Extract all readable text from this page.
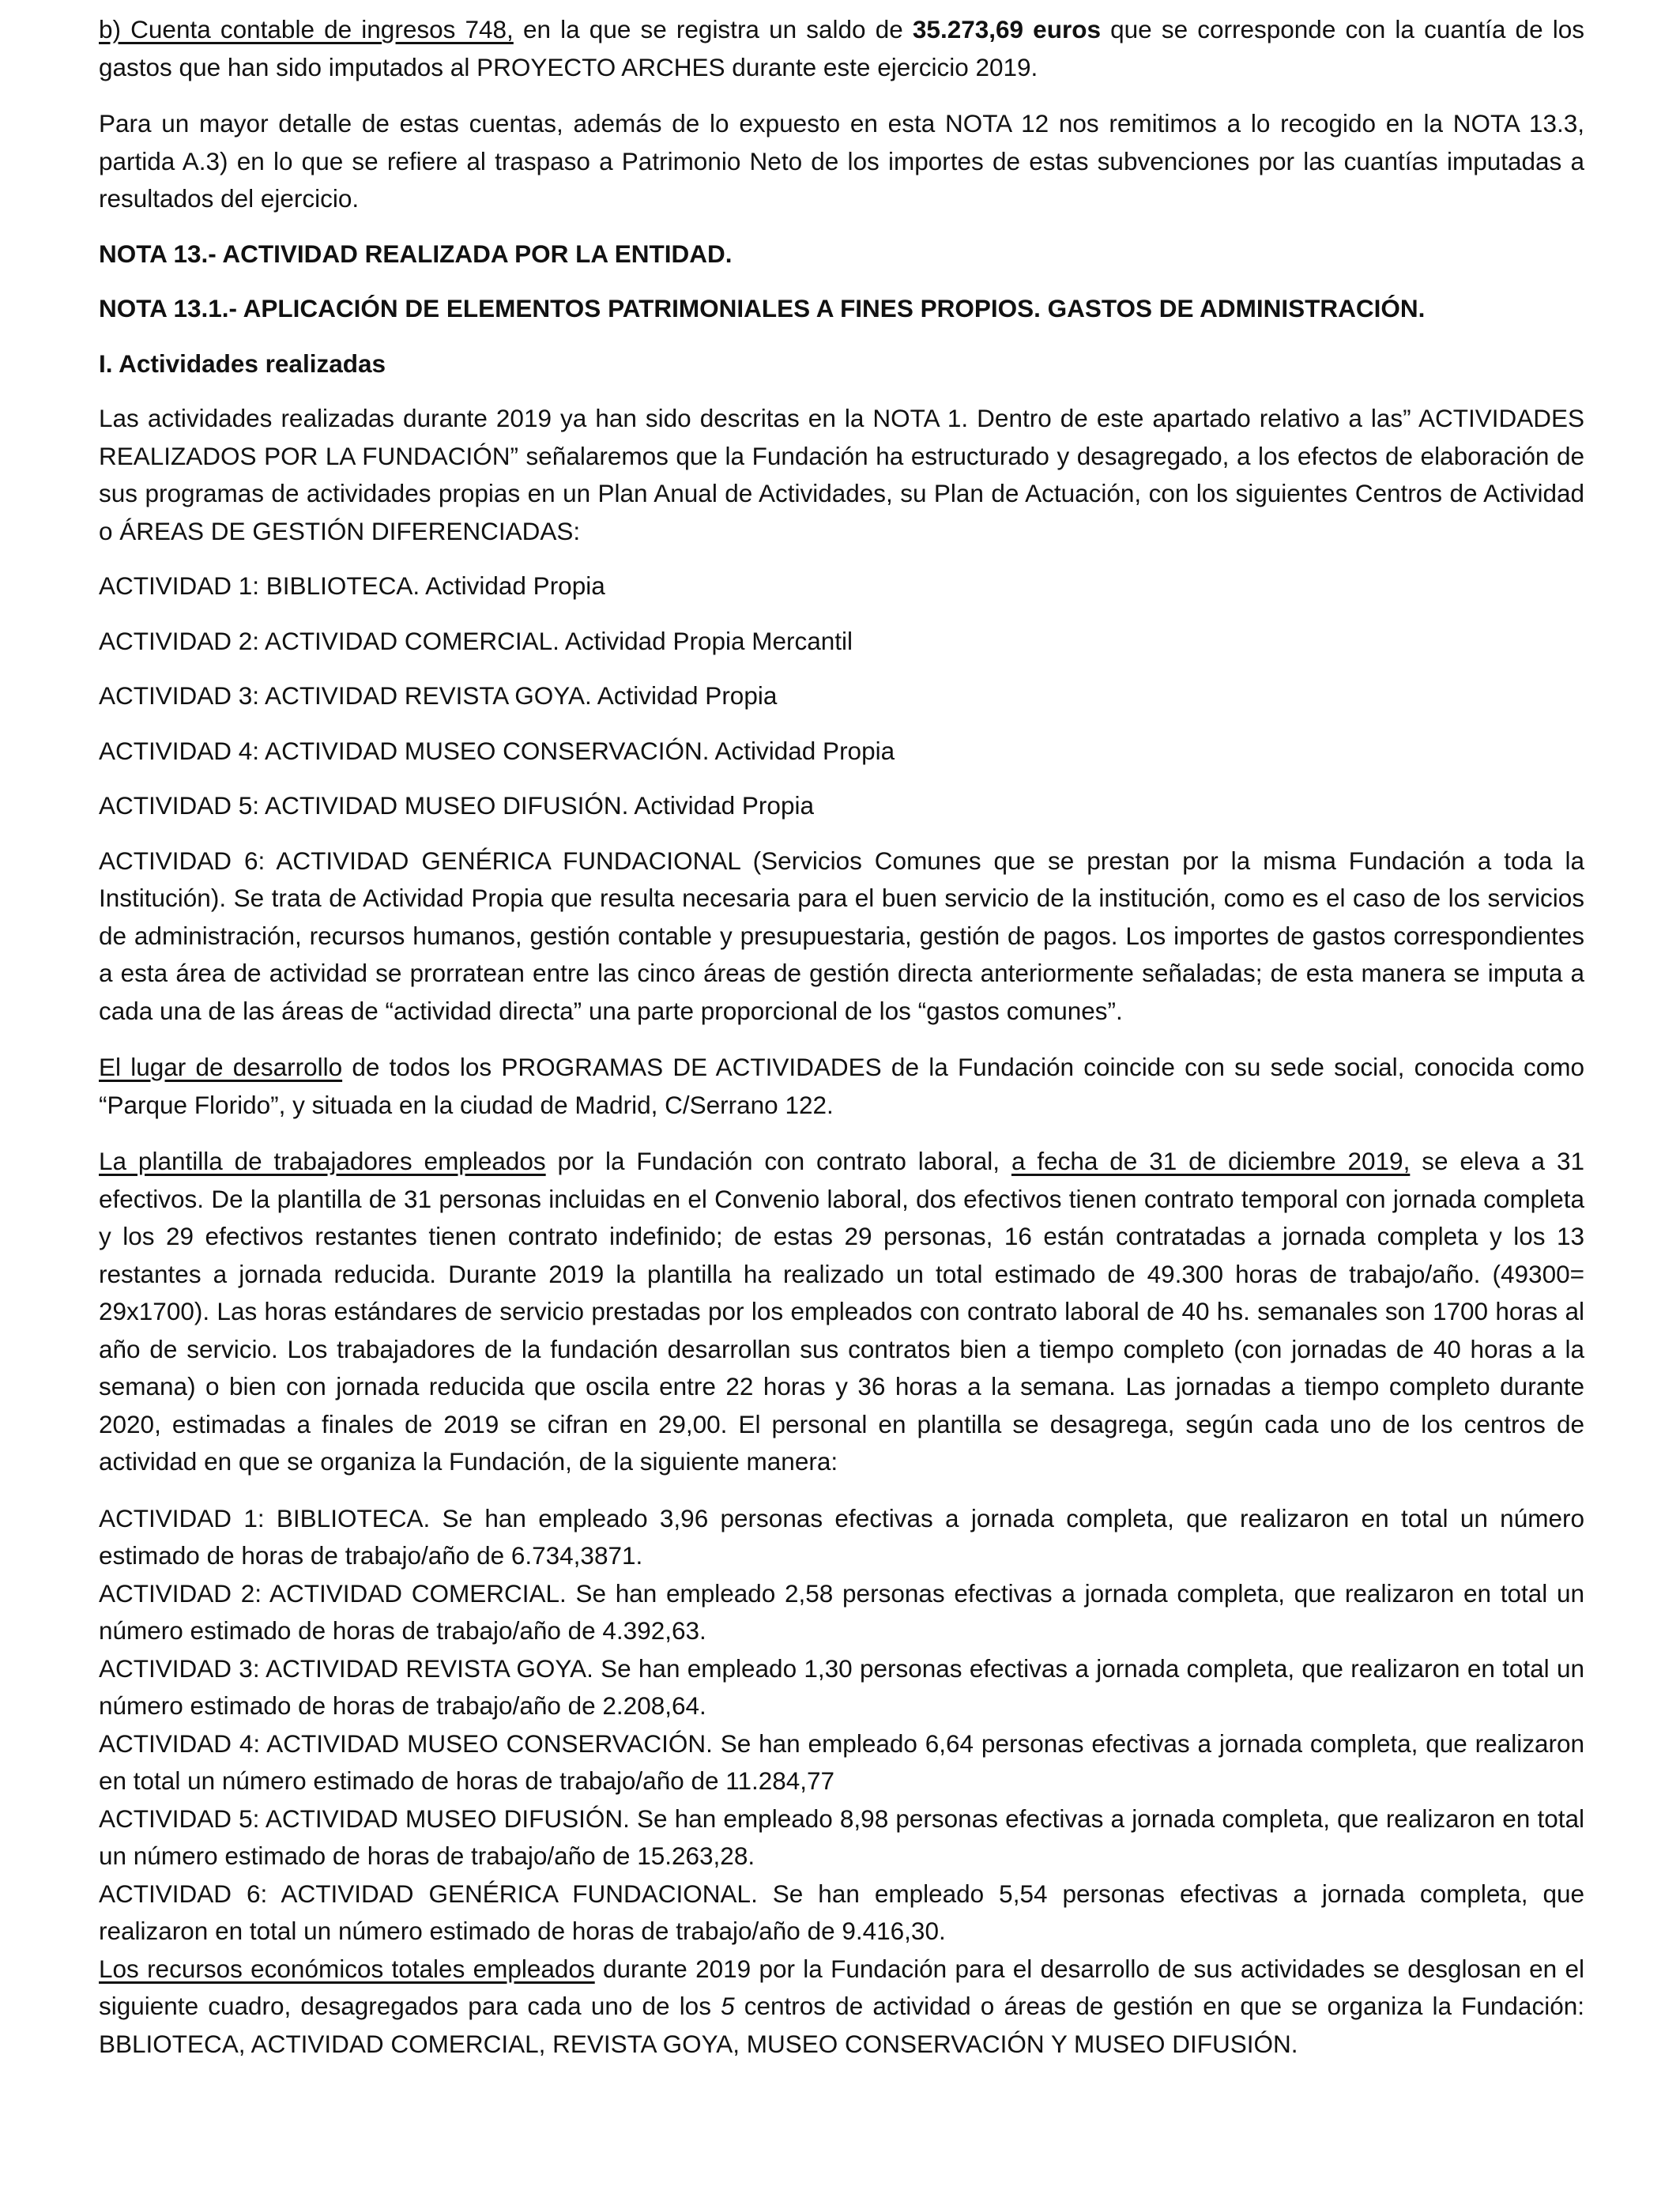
b) Cuenta contable de ingresos 748, en la que se registra un saldo de 35.273,69 euros que se corresponde con la cuantía de los gastos que han sido imputados al PROYECTO ARCHES durante este ejercicio 2019.

Para un mayor detalle de estas cuentas, además de lo expuesto en esta NOTA 12 nos remitimos a lo recogido en la NOTA 13.3, partida A.3) en lo que se refiere al traspaso a Patrimonio Neto de los importes de estas subvenciones por las cuantías imputadas a resultados del ejercicio.

NOTA 13.- ACTIVIDAD REALIZADA POR LA ENTIDAD.

NOTA 13.1.- APLICACIÓN DE ELEMENTOS PATRIMONIALES A FINES PROPIOS. GASTOS DE ADMINISTRACIÓN.

I. Actividades realizadas

Las actividades realizadas durante 2019 ya han sido descritas en la NOTA 1. Dentro de este apartado relativo a las” ACTIVIDADES REALIZADOS POR LA FUNDACIÓN” señalaremos que la Fundación ha estructurado y desagregado, a los efectos de elaboración de sus programas de actividades propias en un Plan Anual de Actividades, su Plan de Actuación, con los siguientes Centros de Actividad o ÁREAS DE GESTIÓN DIFERENCIADAS:

ACTIVIDAD 1: BIBLIOTECA. Actividad Propia

ACTIVIDAD 2: ACTIVIDAD COMERCIAL. Actividad Propia Mercantil

ACTIVIDAD 3: ACTIVIDAD REVISTA GOYA. Actividad Propia

ACTIVIDAD 4: ACTIVIDAD MUSEO CONSERVACIÓN. Actividad Propia

ACTIVIDAD 5: ACTIVIDAD MUSEO DIFUSIÓN. Actividad Propia

ACTIVIDAD 6: ACTIVIDAD GENÉRICA FUNDACIONAL (Servicios Comunes que se prestan por la misma Fundación a toda la Institución). Se trata de Actividad Propia que resulta necesaria para el buen servicio de la institución, como es el caso de los servicios de administración, recursos humanos, gestión contable y presupuestaria, gestión de pagos. Los importes de gastos correspondientes a esta área de actividad se prorratean entre las cinco áreas de gestión directa anteriormente señaladas; de esta manera se imputa a cada una de las áreas de “actividad directa” una parte proporcional de los “gastos comunes”.

El lugar de desarrollo de todos los PROGRAMAS DE ACTIVIDADES de la Fundación coincide con su sede social, conocida como “Parque Florido”, y situada en la ciudad de Madrid, C/Serrano 122.

La plantilla de trabajadores empleados por la Fundación con contrato laboral, a fecha de 31 de diciembre 2019, se eleva a 31 efectivos. De la plantilla de 31 personas incluidas en el Convenio laboral, dos efectivos tienen contrato temporal con jornada completa y los 29 efectivos restantes tienen contrato indefinido; de estas 29 personas, 16 están contratadas a jornada completa y los 13 restantes a jornada reducida. Durante 2019 la plantilla ha realizado un total estimado de 49.300 horas de trabajo/año. (49300= 29x1700). Las horas estándares de servicio prestadas por los empleados con contrato laboral de 40 hs. semanales son 1700 horas al año de servicio. Los trabajadores de la fundación desarrollan sus contratos bien a tiempo completo (con jornadas de 40 horas a la semana) o bien con jornada reducida que oscila entre 22 horas y 36 horas a la semana. Las jornadas a tiempo completo durante 2020, estimadas a finales de 2019 se cifran en 29,00. El personal en plantilla se desagrega, según cada uno de los centros de actividad en que se organiza la Fundación, de la siguiente manera:

ACTIVIDAD 1: BIBLIOTECA. Se han empleado 3,96 personas efectivas a jornada completa, que realizaron en total un número estimado de horas de trabajo/año de 6.734,3871.

ACTIVIDAD 2: ACTIVIDAD COMERCIAL. Se han empleado 2,58 personas efectivas a jornada completa, que realizaron en total un número estimado de horas de trabajo/año de 4.392,63.

ACTIVIDAD 3: ACTIVIDAD REVISTA GOYA. Se han empleado 1,30 personas efectivas a jornada completa, que realizaron en total un número estimado de horas de trabajo/año de 2.208,64.

ACTIVIDAD 4: ACTIVIDAD MUSEO CONSERVACIÓN. Se han empleado 6,64 personas efectivas a jornada completa, que realizaron en total un número estimado de horas de trabajo/año de 11.284,77

ACTIVIDAD 5: ACTIVIDAD MUSEO DIFUSIÓN. Se han empleado 8,98 personas efectivas a jornada completa, que realizaron en total un número estimado de horas de trabajo/año de 15.263,28.

ACTIVIDAD 6: ACTIVIDAD GENÉRICA FUNDACIONAL. Se han empleado 5,54 personas efectivas a jornada completa, que realizaron en total un número estimado de horas de trabajo/año de 9.416,30.

Los recursos económicos totales empleados durante 2019 por la Fundación para el desarrollo de sus actividades se desglosan en el siguiente cuadro, desagregados para cada uno de los 5 centros de actividad o áreas de gestión en que se organiza la Fundación: BBLIOTECA, ACTIVIDAD COMERCIAL, REVISTA GOYA, MUSEO CONSERVACIÓN Y MUSEO DIFUSIÓN.
